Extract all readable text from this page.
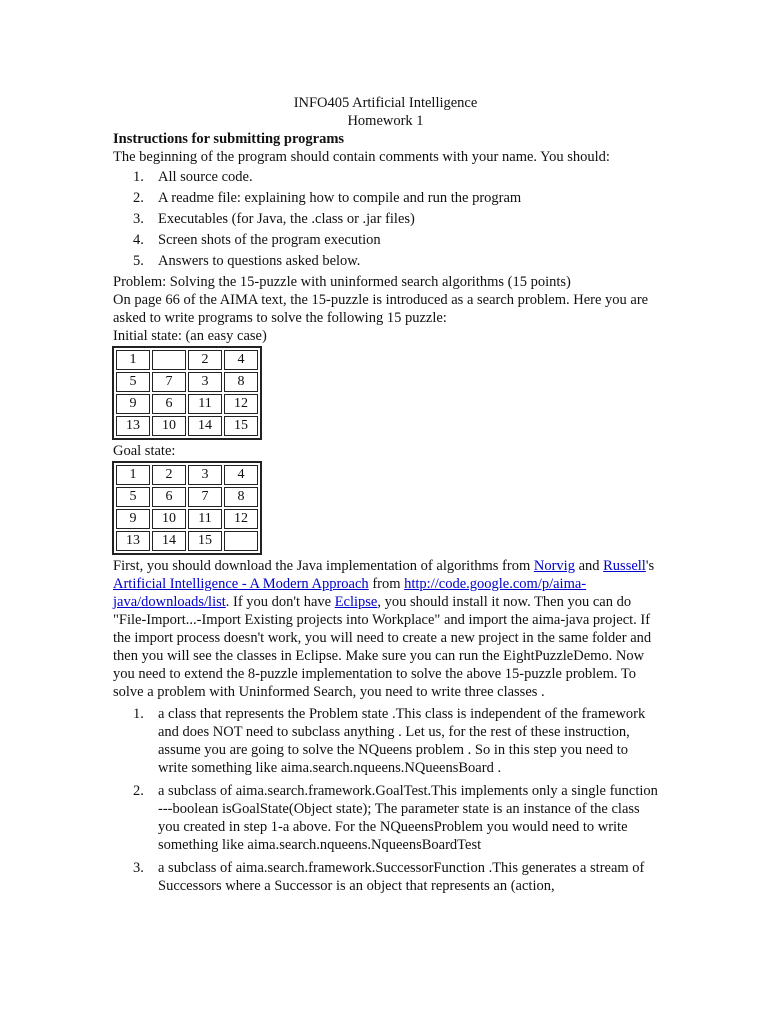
INFO405 Artificial Intelligence

Homework 1

Instructions for submitting programs

The beginning of the program should contain comments with your name. You should:

1. All source code.
2. A readme file: explaining how to compile and run the program
3. Executables (for Java, the .class or .jar files)
4. Screen shots of the program execution
5. Answers to questions asked below.

Problem: Solving the 15-puzzle with uninformed search algorithms (15 points)

On page 66 of the AIMA text, the 15-puzzle is introduced as a search problem. Here you are asked to write programs to solve the following 15 puzzle:

Initial state: (an easy case)

1		2	4
5	7	3	8
9	6	11	12
13	10	14	15

Goal state:

1	2	3	4
5	6	7	8
9	10	11	12
13	14	15	

First, you should download the Java implementation of algorithms from Norvig and Russell's Artificial Intelligence - A Modern Approach from http://code.google.com/p/aima-java/downloads/list. If you don't have Eclipse, you should install it now. Then you can do "File-Import...-Import Existing projects into Workplace" and import the aima-java project. If the import process doesn't work, you will need to create a new project in the same folder and then you will see the classes in Eclipse. Make sure you can run the EightPuzzleDemo. Now you need to extend the 8-puzzle implementation to solve the above 15-puzzle problem. To solve a problem with Uninformed Search, you need to write three classes .

1. a class that represents the Problem state .This class is independent of the framework and does NOT need to subclass anything . Let us, for the rest of these instruction, assume you are going to solve the NQueens problem . So in this step you need to write something like aima.search.nqueens.NQueensBoard .
2. a subclass of aima.search.framework.GoalTest.This implements only a single function ---boolean isGoalState(Object state); The parameter state is an instance of the class you created in step 1-a above. For the NQueensProblem you would need to write something like aima.search.nqueens.NqueensBoardTest
3. a subclass of aima.search.framework.SuccessorFunction .This generates a stream of Successors where a Successor is an object that represents an (action,
